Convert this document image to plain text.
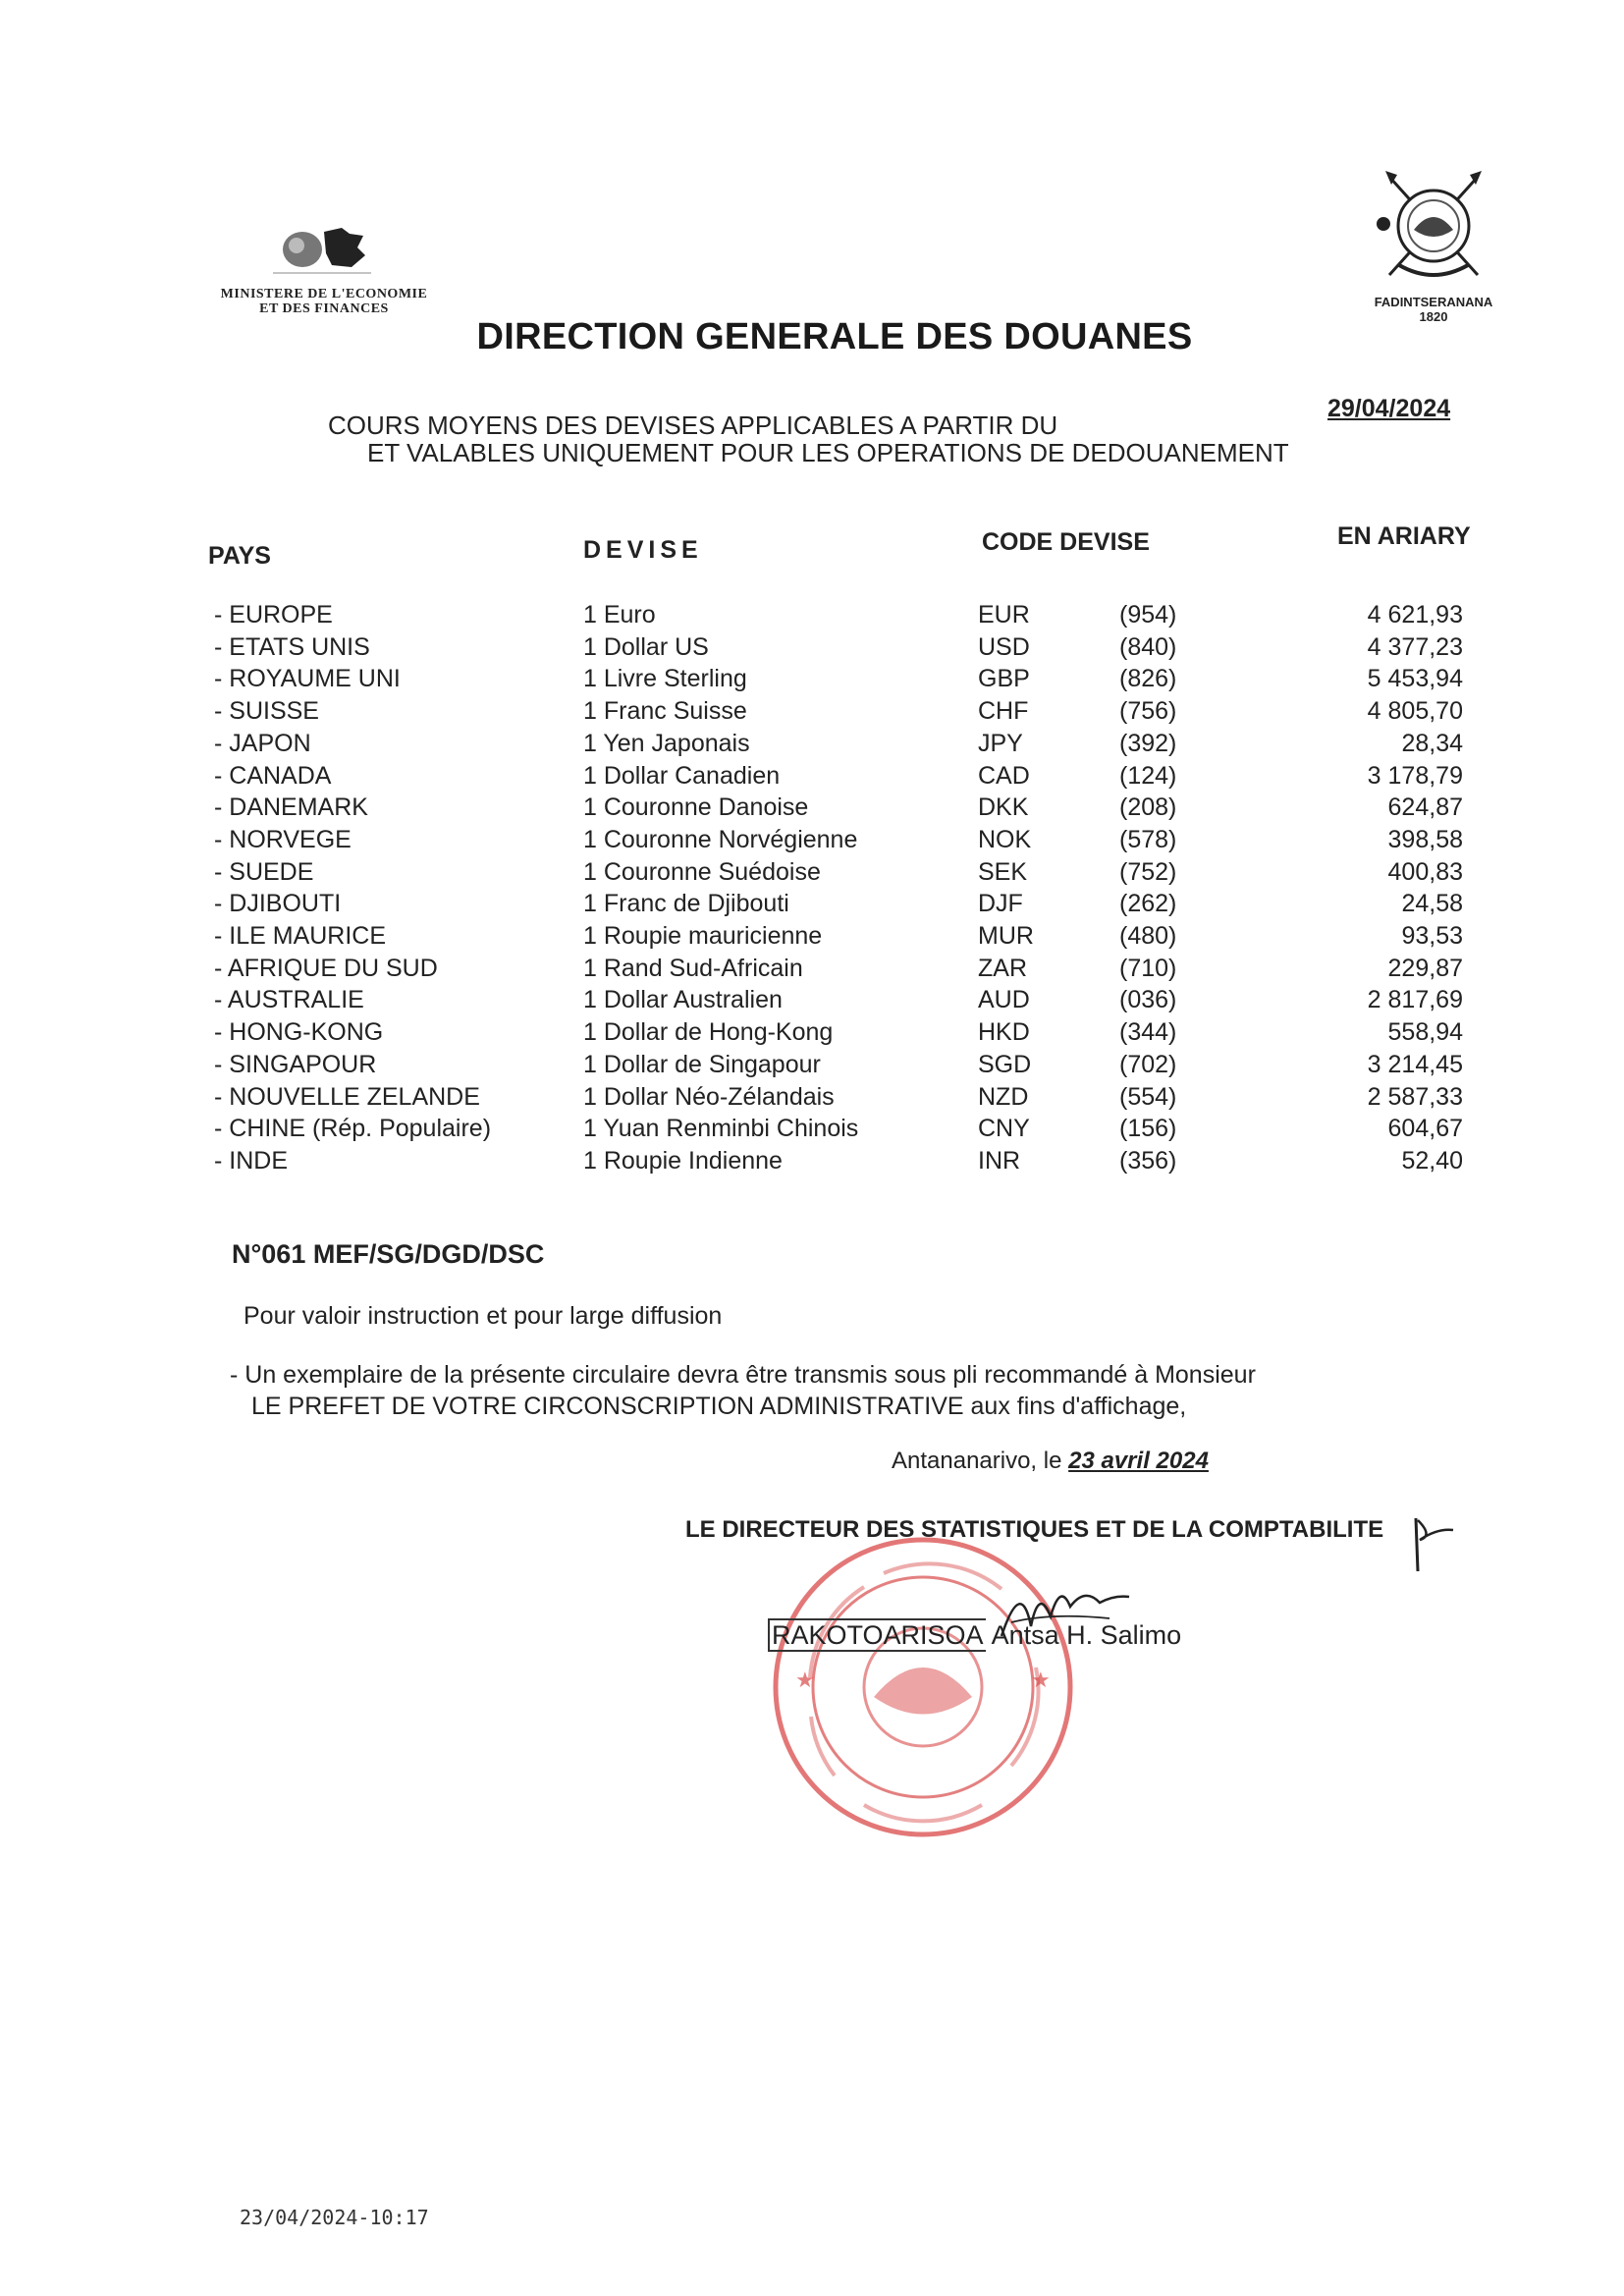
MINISTERE DE L'ECONOMIE
ET DES FINANCES	FADINTSERANANA
1820
DIRECTION GENERALE DES DOUANES
COURS MOYENS DES DEVISES APPLICABLES A PARTIR DU
29/04/2024
ET VALABLES UNIQUEMENT POUR LES OPERATIONS DE DEDOUANEMENT
PAYS	DEVISE	CODE DEVISE	EN ARIARY
- EUROPE	1 Euro	EUR	(954)	4 621,93
- ETATS UNIS	1 Dollar US	USD	(840)	4 377,23
- ROYAUME UNI	1 Livre Sterling	GBP	(826)	5 453,94
- SUISSE	1 Franc Suisse	CHF	(756)	4 805,70
- JAPON	1 Yen Japonais	JPY	(392)	28,34
- CANADA	1 Dollar Canadien	CAD	(124)	3 178,79
- DANEMARK	1 Couronne Danoise	DKK	(208)	624,87
- NORVEGE	1 Couronne Norvégienne	NOK	(578)	398,58
- SUEDE	1 Couronne Suédoise	SEK	(752)	400,83
- DJIBOUTI	1 Franc de Djibouti	DJF	(262)	24,58
- ILE MAURICE	1 Roupie mauricienne	MUR	(480)	93,53
- AFRIQUE DU SUD	1 Rand Sud-Africain	ZAR	(710)	229,87
- AUSTRALIE	1 Dollar Australien	AUD	(036)	2 817,69
- HONG-KONG	1 Dollar de Hong-Kong	HKD	(344)	558,94
- SINGAPOUR	1 Dollar de Singapour	SGD	(702)	3 214,45
- NOUVELLE ZELANDE	1 Dollar Néo-Zélandais	NZD	(554)	2 587,33
- CHINE (Rép. Populaire)	1 Yuan Renminbi Chinois	CNY	(156)	604,67
- INDE	1 Roupie Indienne	INR	(356)	52,40
N°061 MEF/SG/DGD/DSC
Pour valoir instruction et pour large diffusion
- Un exemplaire de la présente circulaire devra être transmis sous pli recommandé à Monsieur
LE PREFET DE VOTRE CIRCONSCRIPTION ADMINISTRATIVE aux fins d'affichage,
Antananarivo, le 23 avril 2024
LE DIRECTEUR DES STATISTIQUES ET DE LA COMPTABILITE
★	★
RAKOTOARISOA Antsa H. Salimo
23/04/2024-10:17
